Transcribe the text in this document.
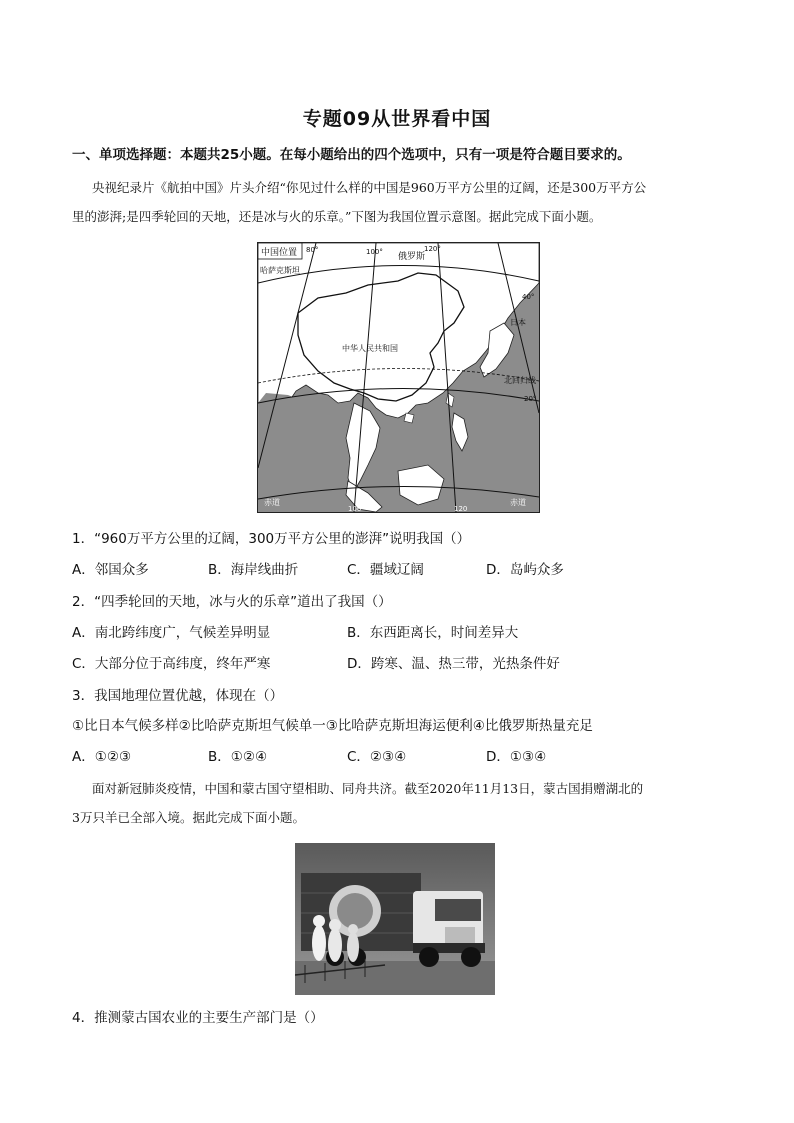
专题09从世界看中国
一、单项选择题：本题共25小题。在每小题给出的四个选项中，只有一项是符合题目要求的。
央视纪录片《航拍中国》片头介绍“你见过什么样的中国是960万平方公里的辽阔，还是300万平方公
里的澎湃;是四季轮回的天地，还是冰与火的乐章。”下图为我国位置示意图。据此完成下面小题。
中国位置	俄罗斯
哈萨克斯坦
中华人民共和国
日本
北回归线
赤道	赤道
80°	100°	120°
100	120
40°
20°
1．“960万平方公里的辽阔，300万平方公里的澎湃”说明我国（）
A．邻国众多	B．海岸线曲折	C．疆域辽阔	D．岛屿众多
2．“四季轮回的天地，冰与火的乐章”道出了我国（）
A．南北跨纬度广，气候差异明显	B．东西距离长，时间差异大
C．大部分位于高纬度，终年严寒	D．跨寒、温、热三带，光热条件好
3．我国地理位置优越，体现在（）
①比日本气候多样②比哈萨克斯坦气候单一③比哈萨克斯坦海运便利④比俄罗斯热量充足
A．①②③	B．①②④	C．②③④	D．①③④
面对新冠肺炎疫情，中国和蒙古国守望相助、同舟共济。截至2020年11月13日，蒙古国捐赠湖北的
3万只羊已全部入境。据此完成下面小题。
4．推测蒙古国农业的主要生产部门是（）
